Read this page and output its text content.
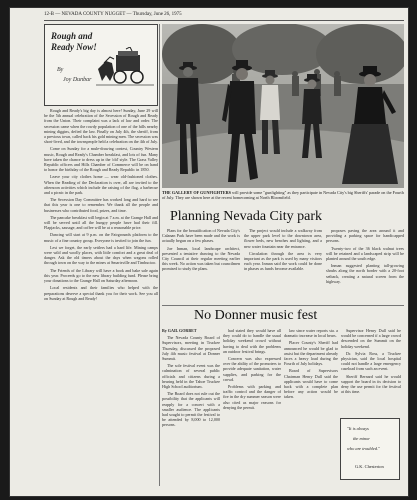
12-B — NEVADA COUNTY NUGGET — Thursday, June 26, 1975
Rough and
Ready Now!
By
Joy Dunbar

Rough and Ready's big day is almost here! Sunday, June 29 will be the 5th annual celebration of the Secession of Rough and Ready from the Union. Their complaint was a lack of law and order. The secession came when the rowdy population of one of the hills nearby mining diggins, defied the law. Finally on July 4th, the sheriff, from a previous town, called back his gold mining men. The secession was short-lived, and the townspeople held a celebration on the 4th of July.

Come on Sunday for a mule-drawing contest, Country Western music, Rough and Ready's Chamber breakfast, and lots of fun. Many have taken the chance to dress up in the 'old' style. The Grass Valley Republic officers and Hills Chamber of Commerce will be on hand to honor the birthday of the Rough and Ready Republic in 1850.

Leave your city clothes home — wear old-fashioned clothes. When the Reading of the Declaration is over, all are invited to the afternoon activities which include the raising of the flag, a barbecue and a picnic in the park.

The Secession Day Committee has worked long and hard to see that this year is one to remember. We thank all the people and businesses who contributed food, prizes, and time.

The pancake breakfast will begin at 7 a.m. at the Grange Hall and will be served until all the hungry people have had their fill. Flapjacks, sausage, and coffee will be at a reasonable price.

Dancing will start at 9 p.m. on the Fairgrounds platform to the music of a fine country group. Everyone is invited to join the fun.

Lest we forget, the early settlers had a hard life. Mining camps were wild and woolly places, with little comfort and a great deal of danger. Ask the old timers about the days when wagons rolled through town on the way to the mines at Smartsville and Timbuctoo.

The Friends of the Library will have a book and bake sale again this year. Proceeds go to the new library building fund. Please bring your donations to the Grange Hall on Saturday afternoon.

Local residents and their families who helped with the preparations deserve a special thank you for their work. See you all on Sunday at Rough and Ready!

THE GALLERY OF GUNFIGHTERS will provide some "gunfighting" as they participate in Nevada City's big Sheriffs' parade on the Fourth of July. They are shown here at the recent homecoming at North Bloomfield.
Planning Nevada City park

Plans for the beautification of Nevada City's Calanan Park have been made and the work is actually begun on a few phases.

Joe Inman, local landscape architect, presented a tentative drawing to the Nevada City Council at their regular meeting earlier this week. No action was taken but councilmen promised to study the plans.

The project would include a walkway from the upper park level to the downtown area, flower beds, new benches and lighting, and a new water fountain near the entrance.

Circulation through the area is very important as the park is used by many visitors each year. Inman said the work could be done in phases as funds become available.

proposes paving the area around it and providing a parking space for handicapped persons.

Twenty-two of the 36 black walnut trees will be retained and a landscaped strip will be planted around the south edge.

Inman suggested planting tall-growing shrubs along the north border with a 20-foot setback, creating a natural screen from the highway.

No Donner music fest

By GAIL GORBET

The Nevada County Board of Supervisors, meeting in Truckee Thursday, discussed the proposed July 4th music festival at Donner Summit.

The sole festival event was the culmination of several public officials and citizens during a hearing held in the Tahoe Truckee High School auditorium.

The Board does not rule out the possibility that the applicants will reapply for a concert with a smaller audience. The applicants had sought to permit the festival to be attended by 8,000 to 12,000 persons.

had stated they would have all they could do to handle the usual holiday weekend crowd without having to deal with the problems an outdoor festival brings.

Concern was also expressed over the ability of the promoters to provide adequate sanitation, water supplies, and parking for the crowd.

Problems with parking and traffic control and the danger of fire in the dry summer season were also cited as major reasons for denying the permit.

law since water reports sta. a dramatic increase in local bears.

Placer County's Sheriff had announced he would be glad to assist but the department already faces a heavy load during the Fourth of July holidays.

Board of Supervisors Chairman Henry Dull said the applicants would have to come back with a complete plan before any action would be taken.

Supervisor Henry Dull said he would be concerned if a large crowd descended on the Summit on the holiday weekend.

Dr. Sylvia Ross, a Truckee physician, said the local hospital could not handle a large emergency caseload from such an event.

Sheriff Bernard said he would support the board in its decision to deny the use permit for the festival at this time.

"It is always
the minor
who are troubled."
G.K. Chesterton
